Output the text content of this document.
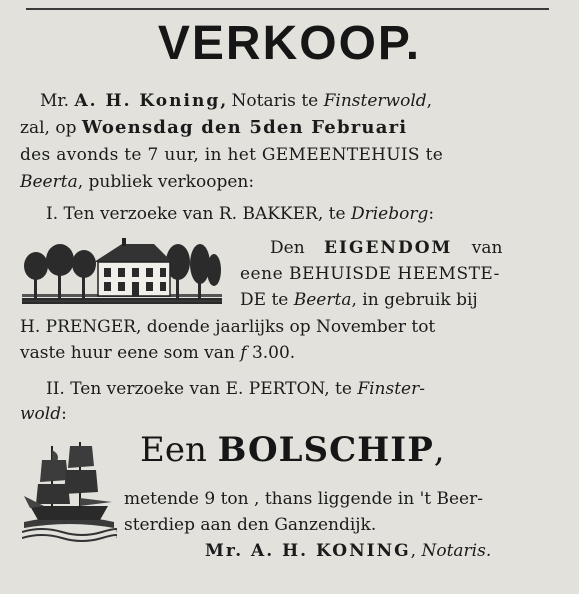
VERKOOP.
Mr. A. H. Koning, Notaris te Finsterwold,
zal, op Woensdag den 5den Februari
des avonds te 7 uur, in het GEMEENTEHUIS te
Beerta, publiek verkoopen:
I. Ten verzoeke van R. BAKKER, te Drieborg:
Den EIGENDOM van
eene BEHUISDE HEEMSTE-
DE te Beerta, in gebruik bij
H. PRENGER, doende jaarlijks op November tot
vaste huur eene som van f 3.00.
II. Ten verzoeke van E. PERTON, te Finster-
wold:
Een BOLSCHIP,
metende 9 ton , thans liggende in 't Beer-
sterdiep aan den Ganzendijk.
Mr. A. H. KONING, Notaris.
